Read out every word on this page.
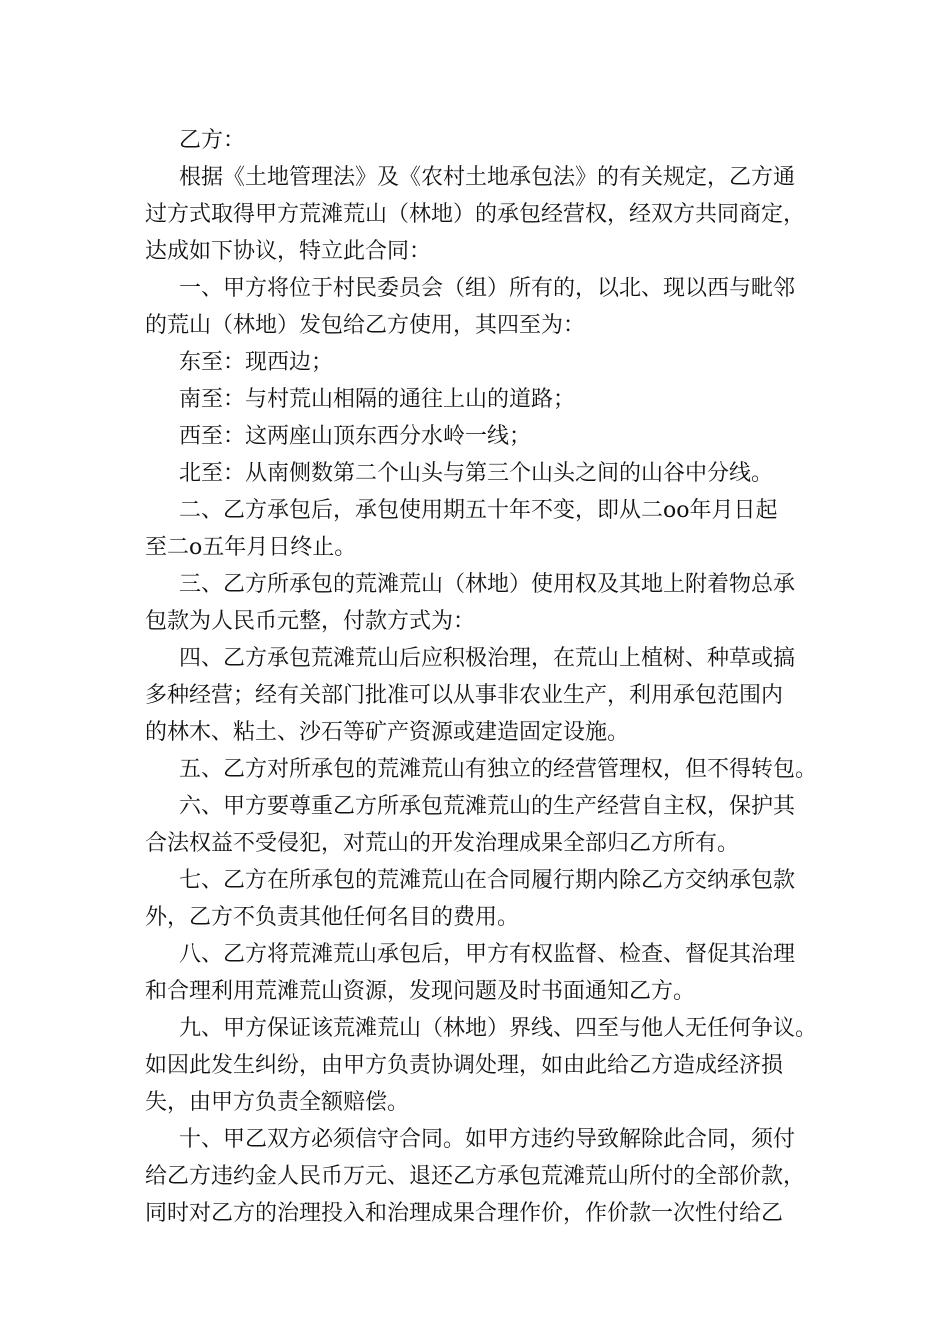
乙方：
根据《土地管理法》及《农村土地承包法》的有关规定，乙方通
过方式取得甲方荒滩荒山（林地）的承包经营权，经双方共同商定，
达成如下协议，特立此合同：
一、甲方将位于村民委员会（组）所有的，以北、现以西与毗邻
的荒山（林地）发包给乙方使用，其四至为：
东至：现西边；
南至：与村荒山相隔的通往上山的道路；
西至：这两座山顶东西分水岭一线；
北至：从南侧数第二个山头与第三个山头之间的山谷中分线。
二、乙方承包后，承包使用期五十年不变，即从二oo年月日起
至二o五年月日终止。
三、乙方所承包的荒滩荒山（林地）使用权及其地上附着物总承
包款为人民币元整，付款方式为：
四、乙方承包荒滩荒山后应积极治理，在荒山上植树、种草或搞
多种经营；经有关部门批准可以从事非农业生产，利用承包范围内
的林木、粘土、沙石等矿产资源或建造固定设施。
五、乙方对所承包的荒滩荒山有独立的经营管理权，但不得转包。
六、甲方要尊重乙方所承包荒滩荒山的生产经营自主权，保护其
合法权益不受侵犯，对荒山的开发治理成果全部归乙方所有。
七、乙方在所承包的荒滩荒山在合同履行期内除乙方交纳承包款
外，乙方不负责其他任何名目的费用。
八、乙方将荒滩荒山承包后，甲方有权监督、检查、督促其治理
和合理利用荒滩荒山资源，发现问题及时书面通知乙方。
九、甲方保证该荒滩荒山（林地）界线、四至与他人无任何争议。
如因此发生纠纷，由甲方负责协调处理，如由此给乙方造成经济损
失，由甲方负责全额赔偿。
十、甲乙双方必须信守合同。如甲方违约导致解除此合同，须付
给乙方违约金人民币万元、退还乙方承包荒滩荒山所付的全部价款，
同时对乙方的治理投入和治理成果合理作价，作价款一次性付给乙
